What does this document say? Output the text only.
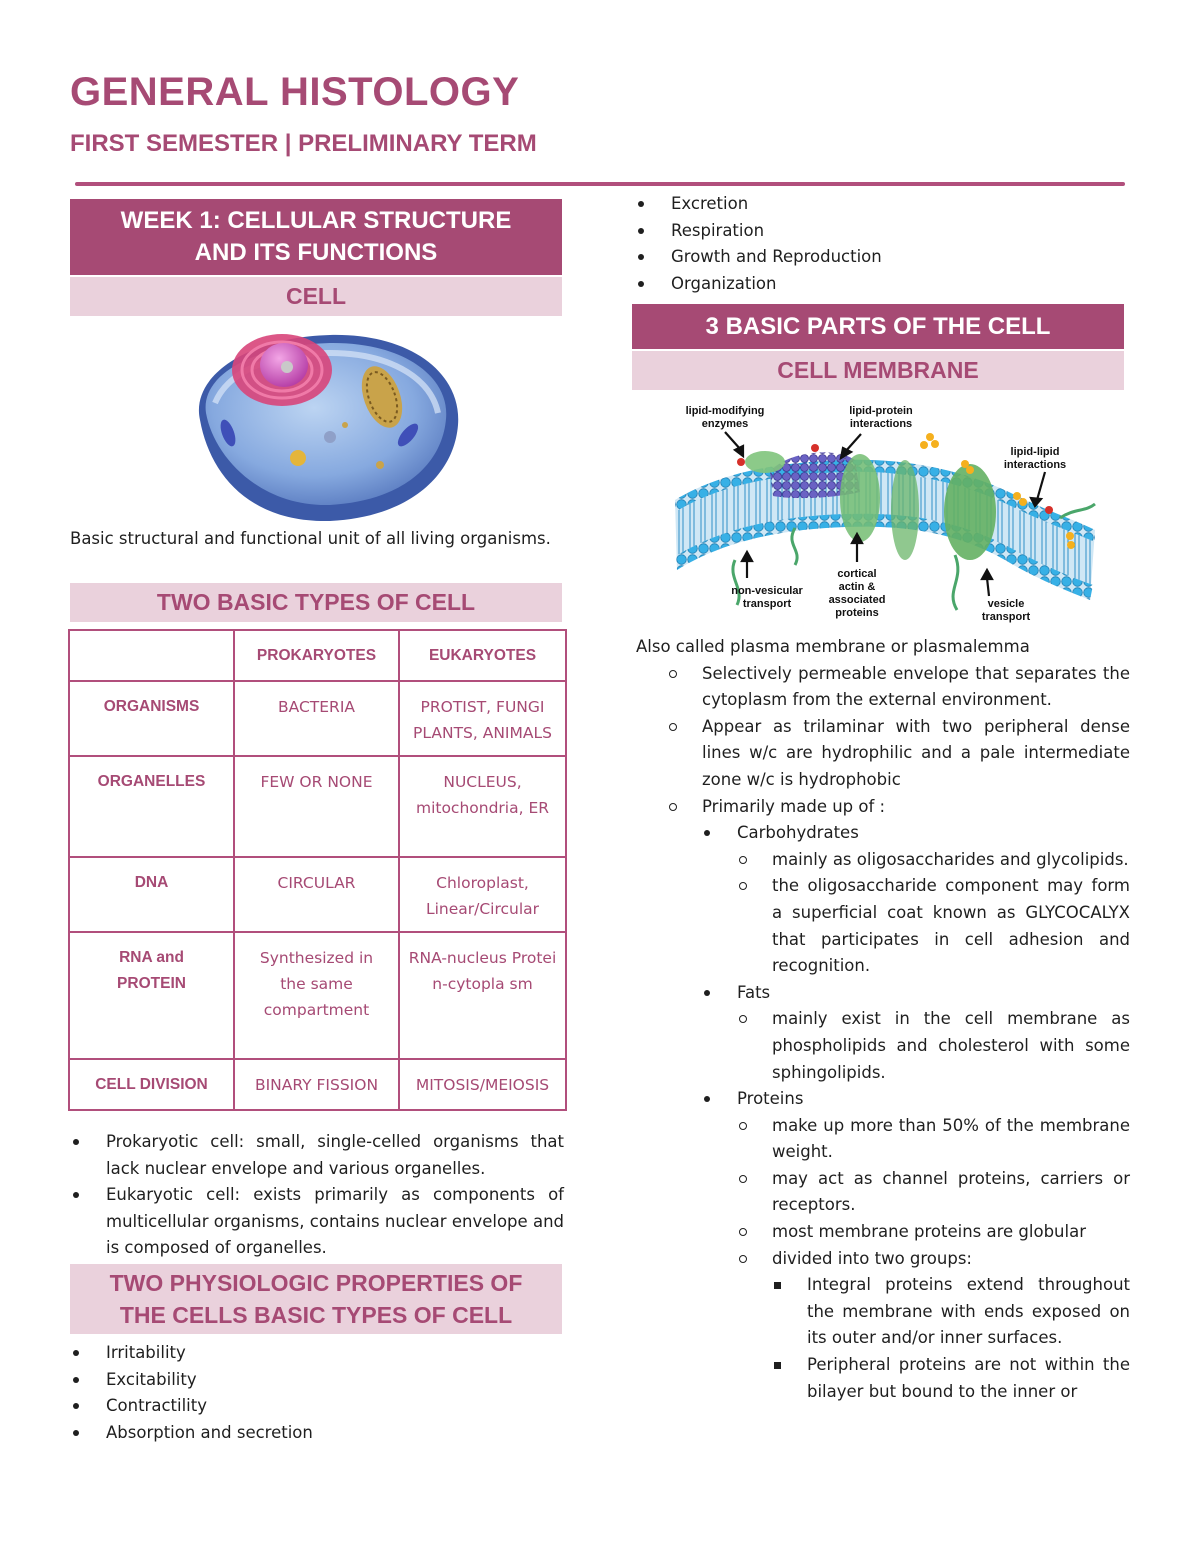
GENERAL HISTOLOGY
FIRST SEMESTER | PRELIMINARY TERM
WEEK 1: CELLULAR STRUCTURE
AND ITS FUNCTIONS
CELL

Basic structural and functional unit of all living organisms.

TWO BASIC TYPES OF CELL
	PROKARYOTES	EUKARYOTES
ORGANISMS	BACTERIA	PROTIST, FUNGI PLANTS, ANIMALS
ORGANELLES	FEW OR NONE	NUCLEUS, mitochondria, ER
DNA	CIRCULAR	Chloroplast, Linear/Circular
RNA and PROTEIN	Synthesized in the same compartment	RNA-nucleus Protein-cytopla sm
CELL DIVISION	BINARY FISSION	MITOSIS/MEIOSIS
Prokaryotic cell: small, single-celled organisms that lack nuclear envelope and various organelles.
Eukaryotic cell: exists primarily as components of multicellular organisms, contains nuclear envelope and is composed of organelles.
TWO PHYSIOLOGIC PROPERTIES OF
THE CELLS BASIC TYPES OF CELL
Irritability
Excitability
Contractility
Absorption and secretion
Excretion
Respiration
Growth and Reproduction
Organization
3 BASIC PARTS OF THE CELL
CELL MEMBRANE
lipid-modifying
enzymes
lipid-protein
interactions
lipid-lipid
interactions
non-vesicular
transport
cortical
actin &
associated
proteins
vesicle
transport

Also called plasma membrane or plasmalemma

Selectively permeable envelope that separates the cytoplasm from the external environment.

Appear as trilaminar with two peripheral dense lines w/c are hydrophilic and a pale intermediate zone w/c is hydrophobic

Primarily made up of :

Carbohydrates

mainly as oligosaccharides and glycolipids.

the oligosaccharide component may form a superficial coat known as GLYCOCALYX that participates in cell adhesion and recognition.

Fats

mainly exist in the cell membrane as phospholipids and cholesterol with some sphingolipids.

Proteins

make up more than 50% of the membrane weight.

may act as channel proteins, carriers or receptors.

most membrane proteins are globular

divided into two groups:

Integral proteins extend throughout the membrane with ends exposed on its outer and/or inner surfaces.

Peripheral proteins are not within the bilayer but bound to the inner or
